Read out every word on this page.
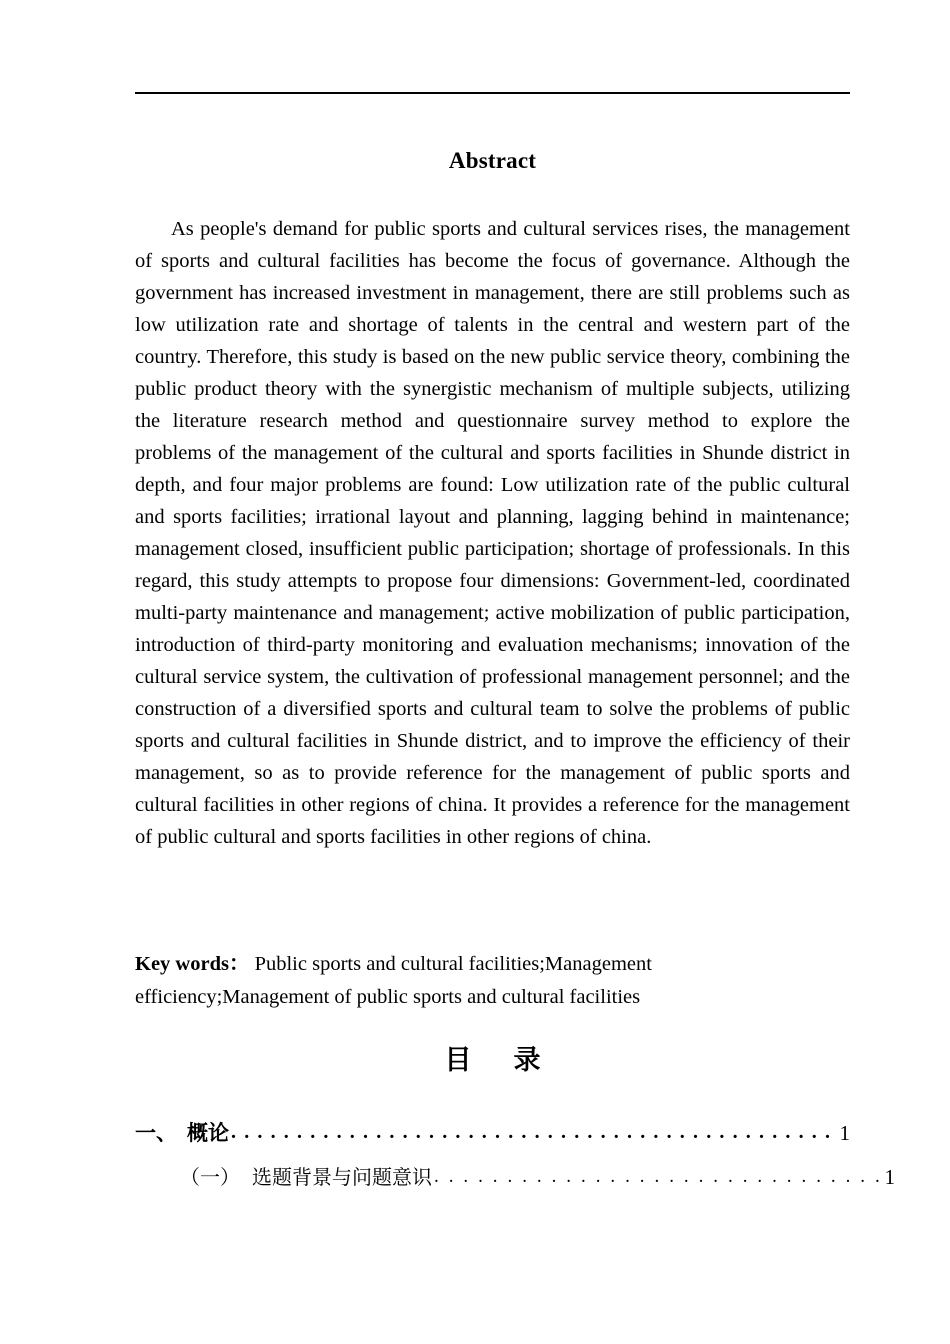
Abstract
As people's demand for public sports and cultural services rises, the management of sports and cultural facilities has become the focus of governance. Although the government has increased investment in management, there are still problems such as low utilization rate and shortage of talents in the central and western part of the country. Therefore, this study is based on the new public service theory, combining the public product theory with the synergistic mechanism of multiple subjects, utilizing the literature research method and questionnaire survey method to explore the problems of the management of the cultural and sports facilities in Shunde district in depth, and four major problems are found: Low utilization rate of the public cultural and sports facilities; irrational layout and planning, lagging behind in maintenance; management closed, insufficient public participation; shortage of professionals. In this regard, this study attempts to propose four dimensions: Government-led, coordinated multi-party maintenance and management; active mobilization of public participation, introduction of third-party monitoring and evaluation mechanisms; innovation of the cultural service system, the cultivation of professional management personnel; and the construction of a diversified sports and cultural team to solve the problems of public sports and cultural facilities in Shunde district, and to improve the efficiency of their management, so as to provide reference for the management of public sports and cultural facilities in other regions of china. It provides a reference for the management of public cultural and sports facilities in other regions of china.
Key words： Public sports and cultural facilities;Management efficiency;Management of public sports and cultural facilities
目 录
一、 概论 . . .	1
（一） 选题背景与问题意识 . . .	1
